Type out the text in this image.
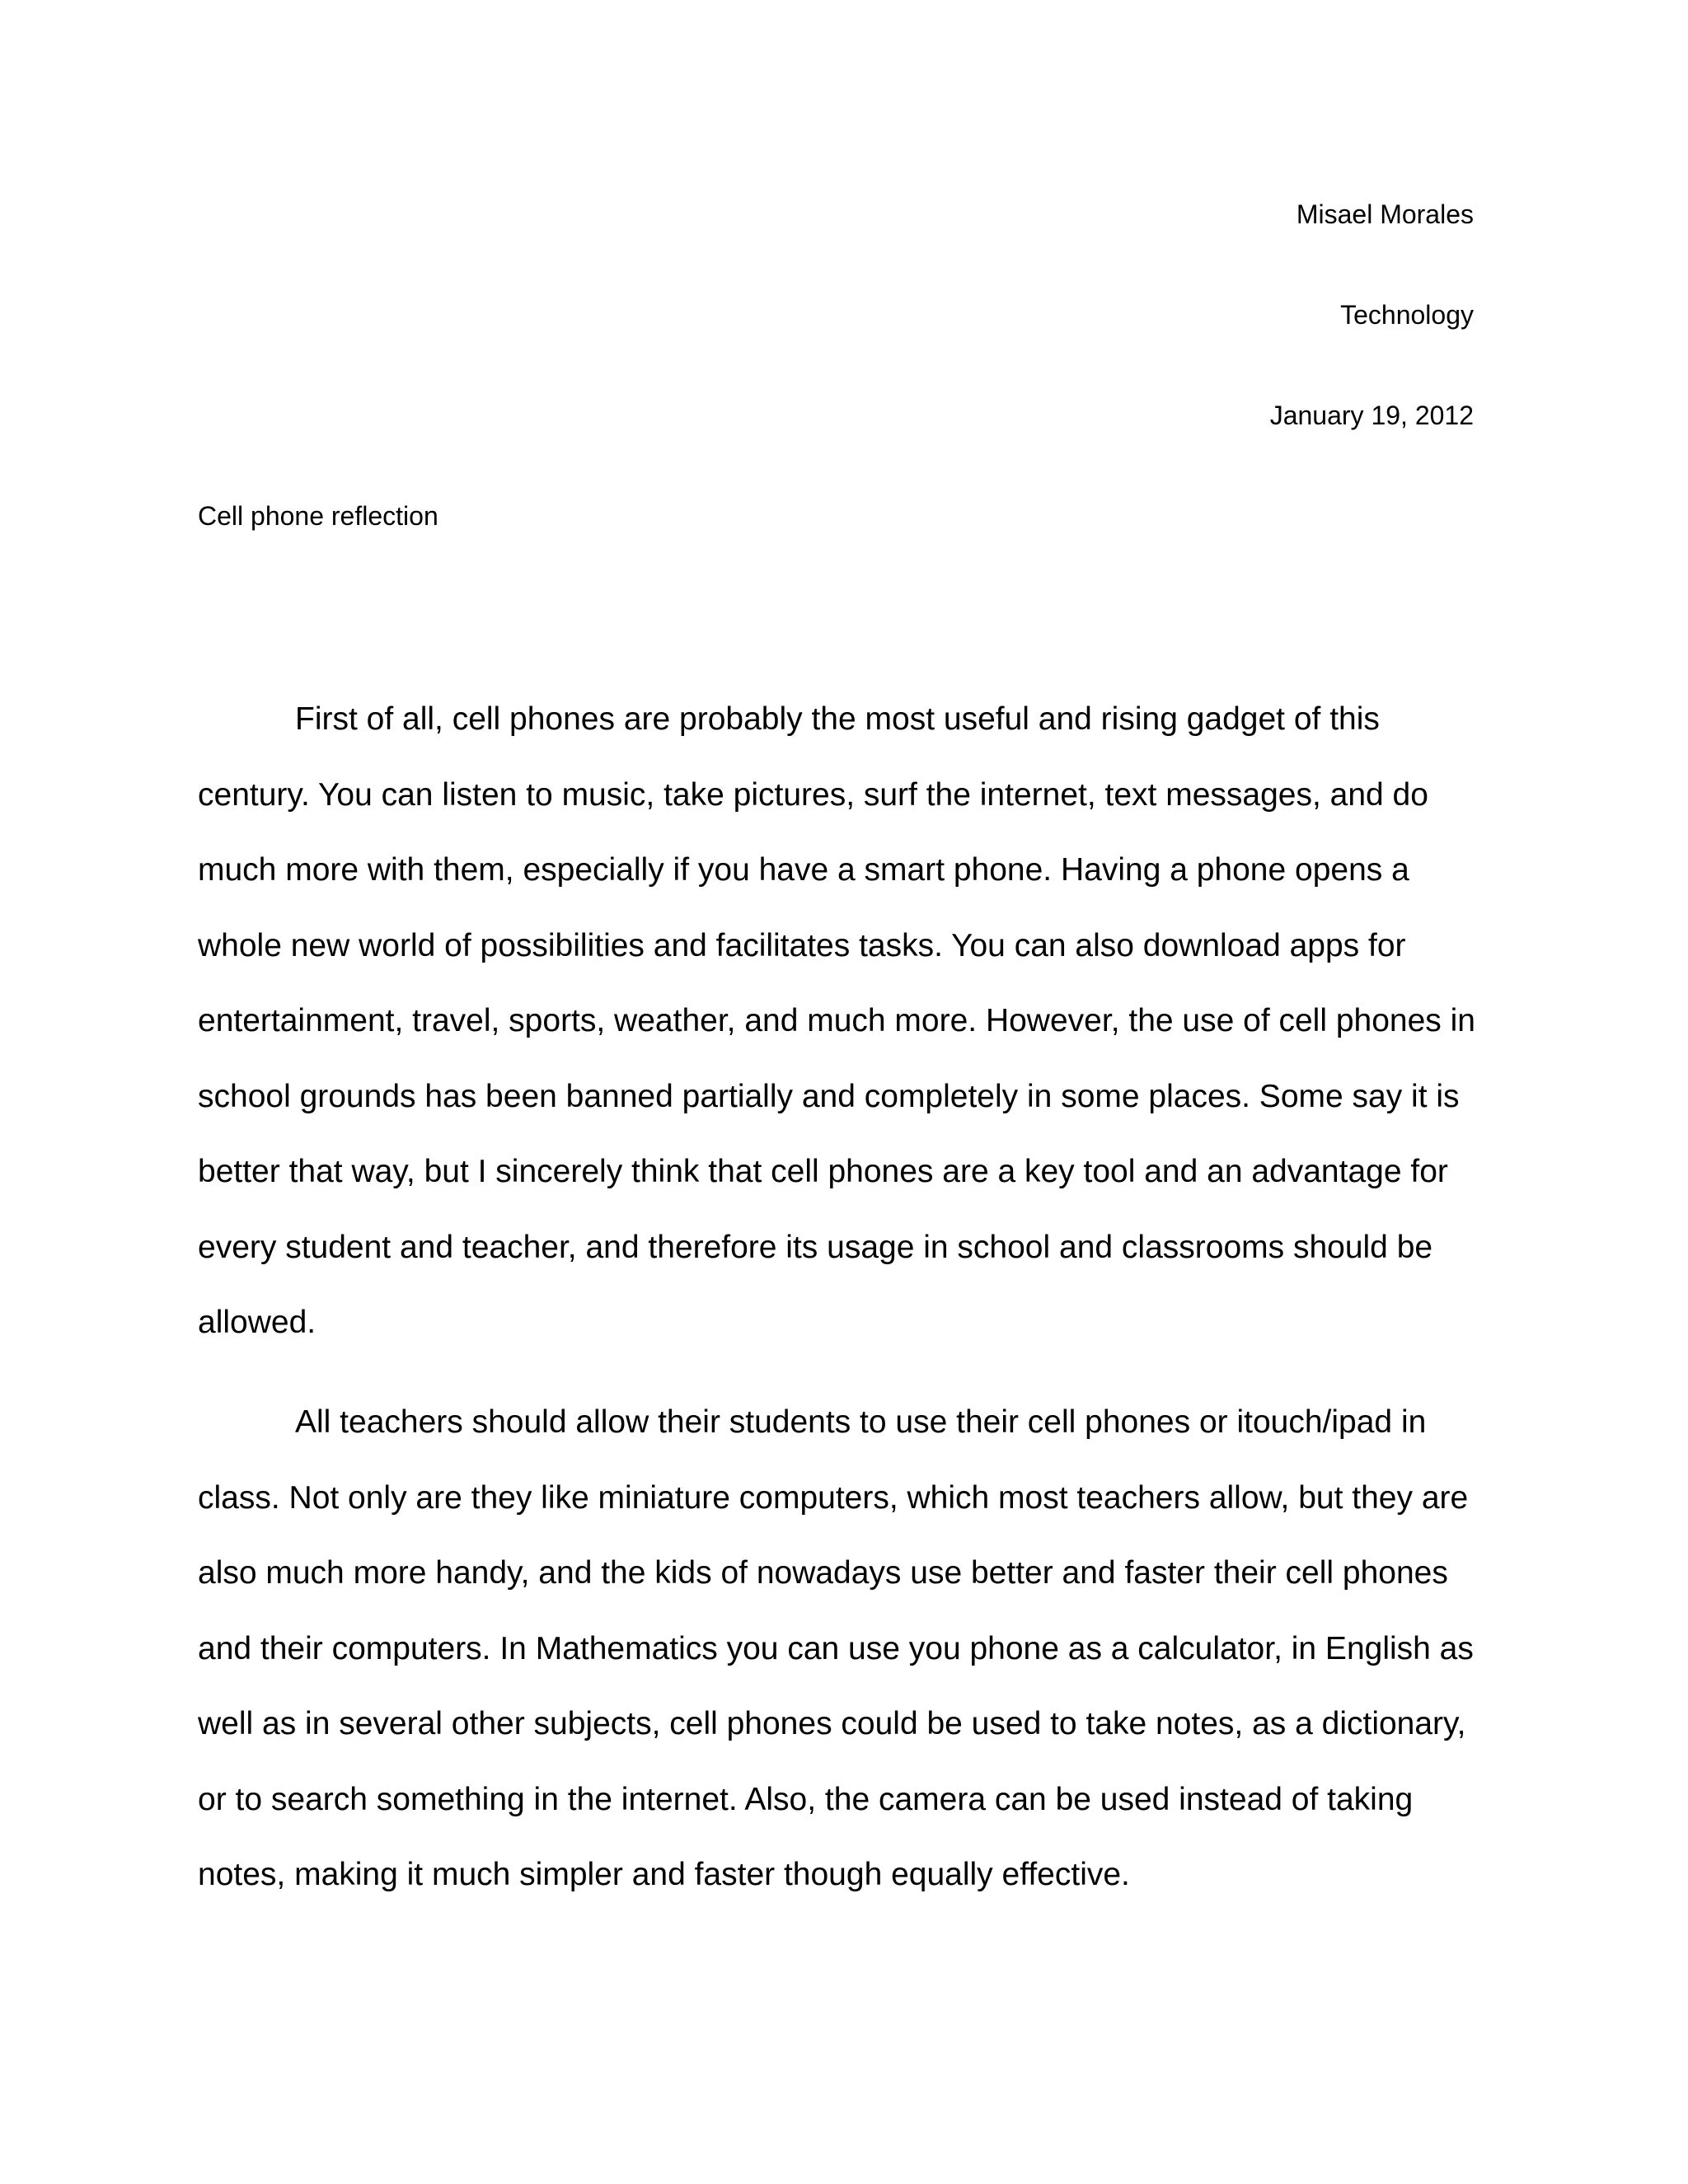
Misael Morales
Technology
January 19, 2012
Cell phone reflection

First of all, cell phones are probably the most useful and rising gadget of this century. You can listen to music, take pictures, surf the internet, text messages, and do much more with them, especially if you have a smart phone. Having a phone opens a whole new world of possibilities and facilitates tasks. You can also download apps for entertainment, travel, sports, weather, and much more. However, the use of cell phones in school grounds has been banned partially and completely in some places. Some say it is better that way, but I sincerely think that cell phones are a key tool and an advantage for every student and teacher, and therefore its usage in school and classrooms should be allowed.

All teachers should allow their students to use their cell phones or itouch/ipad in class. Not only are they like miniature computers, which most teachers allow, but they are also much more handy, and the kids of nowadays use better and faster their cell phones and their computers. In Mathematics you can use you phone as a calculator, in English as well as in several other subjects, cell phones could be used to take notes, as a dictionary, or to search something in the internet. Also, the camera can be used instead of taking notes, making it much simpler and faster though equally effective.
